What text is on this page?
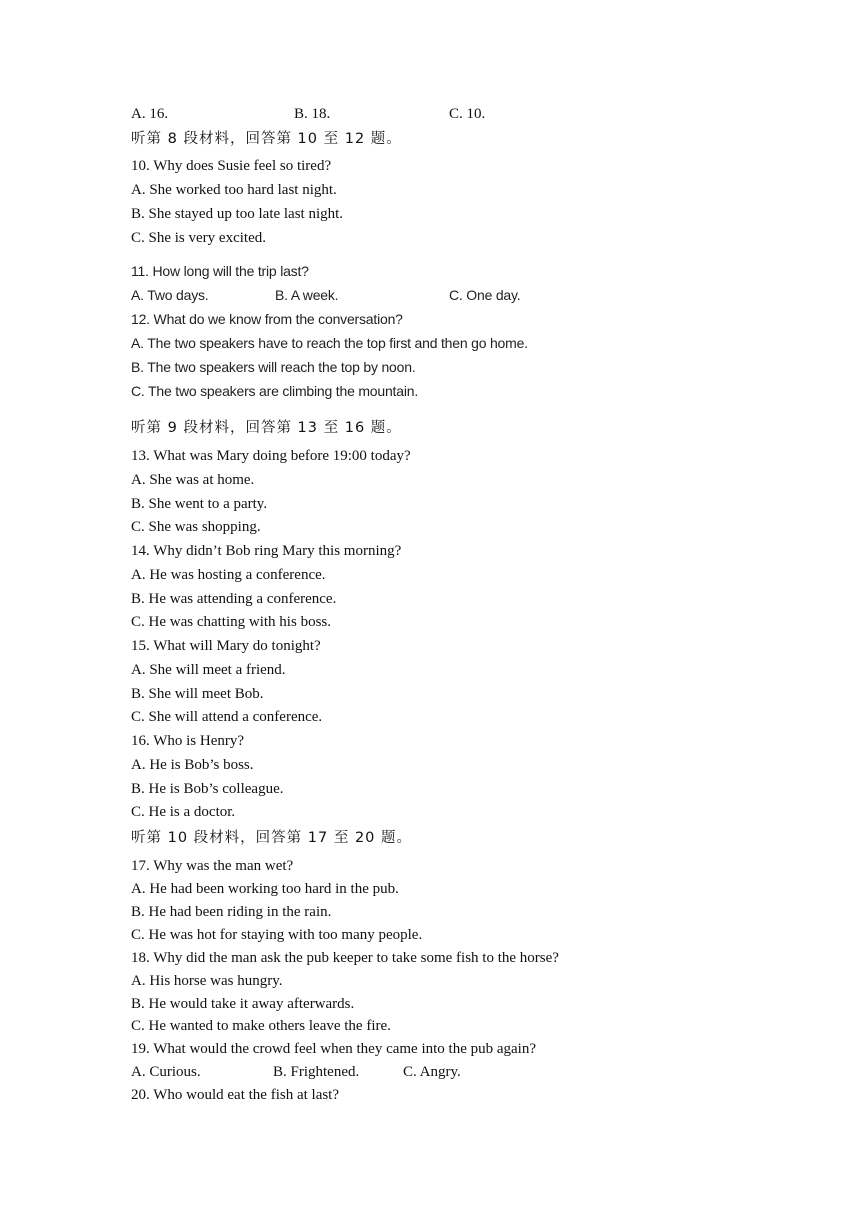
A. 16.	B. 18.	C. 10.
听第 8 段材料，回答第 10 至 12 题。
10. Why does Susie feel so tired?
A. She worked too hard last night.
B. She stayed up too late last night.
C. She is very excited.
11. How long will the trip last?
A. Two days.	B. A week.	C. One day.
12. What do we know from the conversation?
A. The two speakers have to reach the top first and then go home.
B. The two speakers will reach the top by noon.
C. The two speakers are climbing the mountain.
听第 9 段材料，回答第 13 至 16 题。
13. What was Mary doing before 19:00 today?
A. She was at home.
B. She went to a party.
C. She was shopping.
14. Why didn’t Bob ring Mary this morning?
A. He was hosting a conference.
B. He was attending a conference.
C. He was chatting with his boss.
15. What will Mary do tonight?
A. She will meet a friend.
B. She will meet Bob.
C. She will attend a conference.
16. Who is Henry?
A. He is Bob’s boss.
B. He is Bob’s colleague.
C. He is a doctor.
听第 10 段材料，回答第 17 至 20 题。
17. Why was the man wet?
A. He had been working too hard in the pub.
B. He had been riding in the rain.
C. He was hot for staying with too many people.
18. Why did the man ask the pub keeper to take some fish to the horse?
A. His horse was hungry.
B. He would take it away afterwards.
C. He wanted to make others leave the fire.
19. What would the crowd feel when they came into the pub again?
A. Curious.	B. Frightened.	C. Angry.
20. Who would eat the fish at last?
